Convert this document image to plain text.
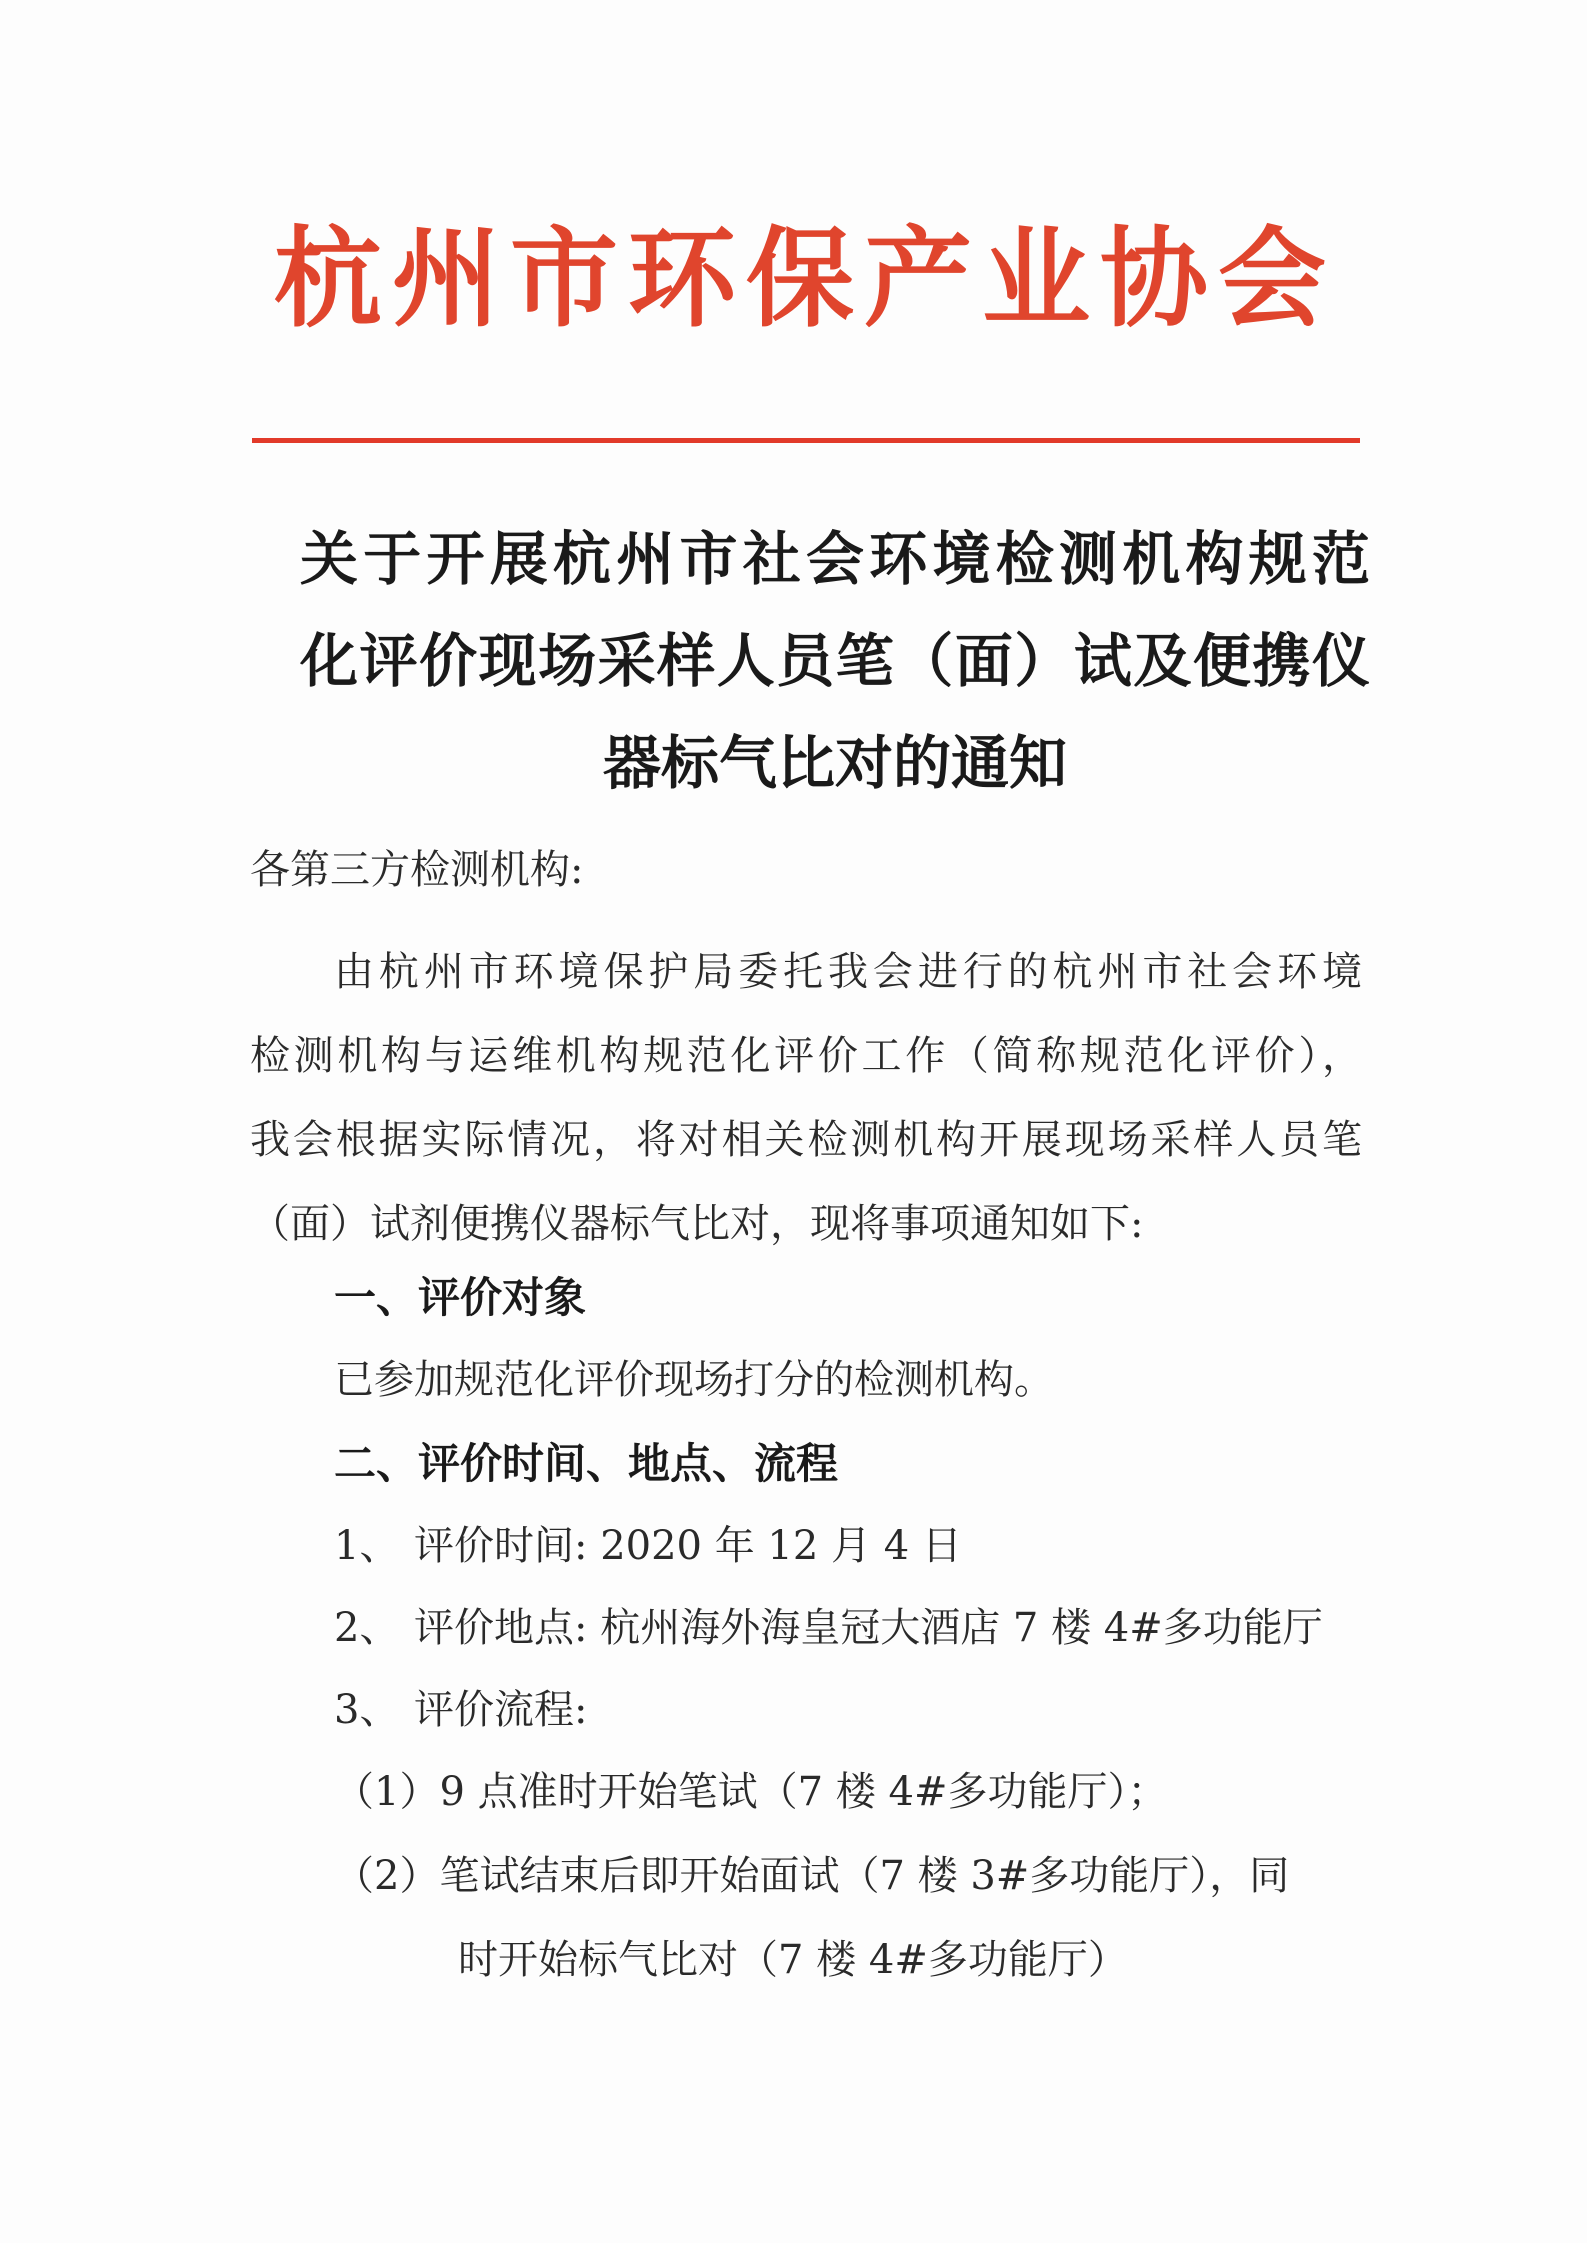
杭州市环保产业协会
关于开展杭州市社会环境检测机构规范
化评价现场采样人员笔（面）试及便携仪
器标气比对的通知
各第三方检测机构:
由杭州市环境保护局委托我会进行的杭州市社会环境
检测机构与运维机构规范化评价工作（简称规范化评价），
我会根据实际情况，将对相关检测机构开展现场采样人员笔
（面）试剂便携仪器标气比对，现将事项通知如下:
一、评价对象
已参加规范化评价现场打分的检测机构。
二、评价时间、地点、流程
1、 评价时间: 2020 年 12 月 4 日
2、 评价地点: 杭州海外海皇冠大酒店 7 楼 4#多功能厅
3、 评价流程:
（1）9 点准时开始笔试（7 楼 4#多功能厅）；
（2）笔试结束后即开始面试（7 楼 3#多功能厅），同
时开始标气比对（7 楼 4#多功能厅）
